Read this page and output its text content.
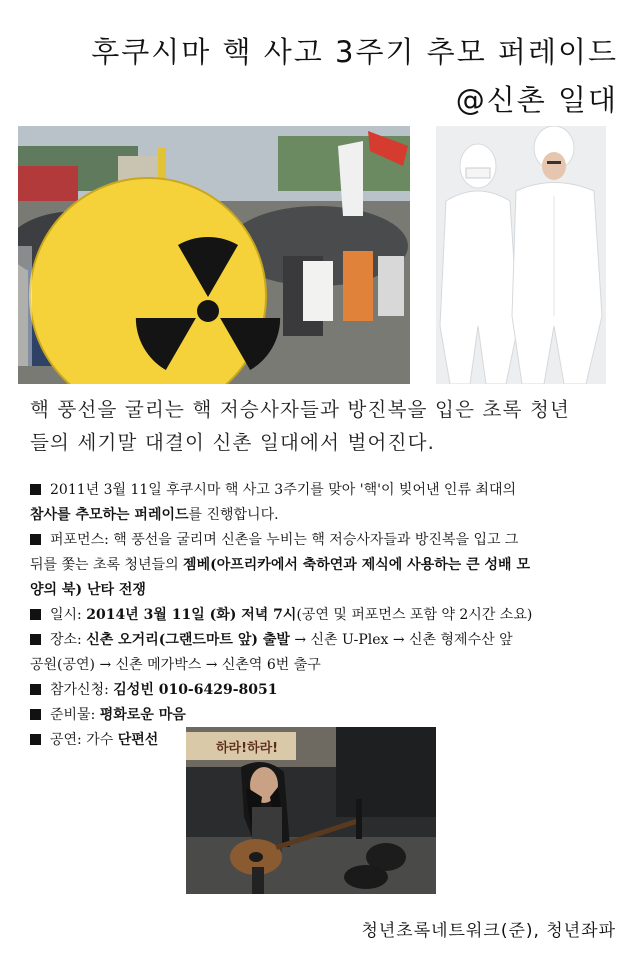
후쿠시마 핵 사고 3주기 추모 퍼레이드
@신촌 일대
핵 풍선을 굴리는 핵 저승사자들과 방진복을 입은 초록 청년
들의 세기말 대결이 신촌 일대에서 벌어진다.
2011년 3월 11일 후쿠시마 핵 사고 3주기를 맞아 '핵'이 빚어낸 인류 최대의
참사를 추모하는 퍼레이드를 진행합니다.
퍼포먼스: 핵 풍선을 굴리며 신촌을 누비는 핵 저승사자들과 방진복을 입고 그
뒤를 쫓는 초록 청년들의 젬베(아프리카에서 축하연과 제식에 사용하는 큰 성배 모
양의 북) 난타 전쟁
일시: 2014년 3월 11일 (화) 저녁 7시(공연 및 퍼포먼스 포함 약 2시간 소요)
장소: 신촌 오거리(그랜드마트 앞) 출발 → 신촌 U-Plex → 신촌 형제수산 앞
공원(공연) → 신촌 메가박스 → 신촌역 6번 출구
참가신청: 김성빈 010-6429-8051
준비물: 평화로운 마음
공연: 가수 단편선
하라!하라!
청년초록네트워크(준), 청년좌파
